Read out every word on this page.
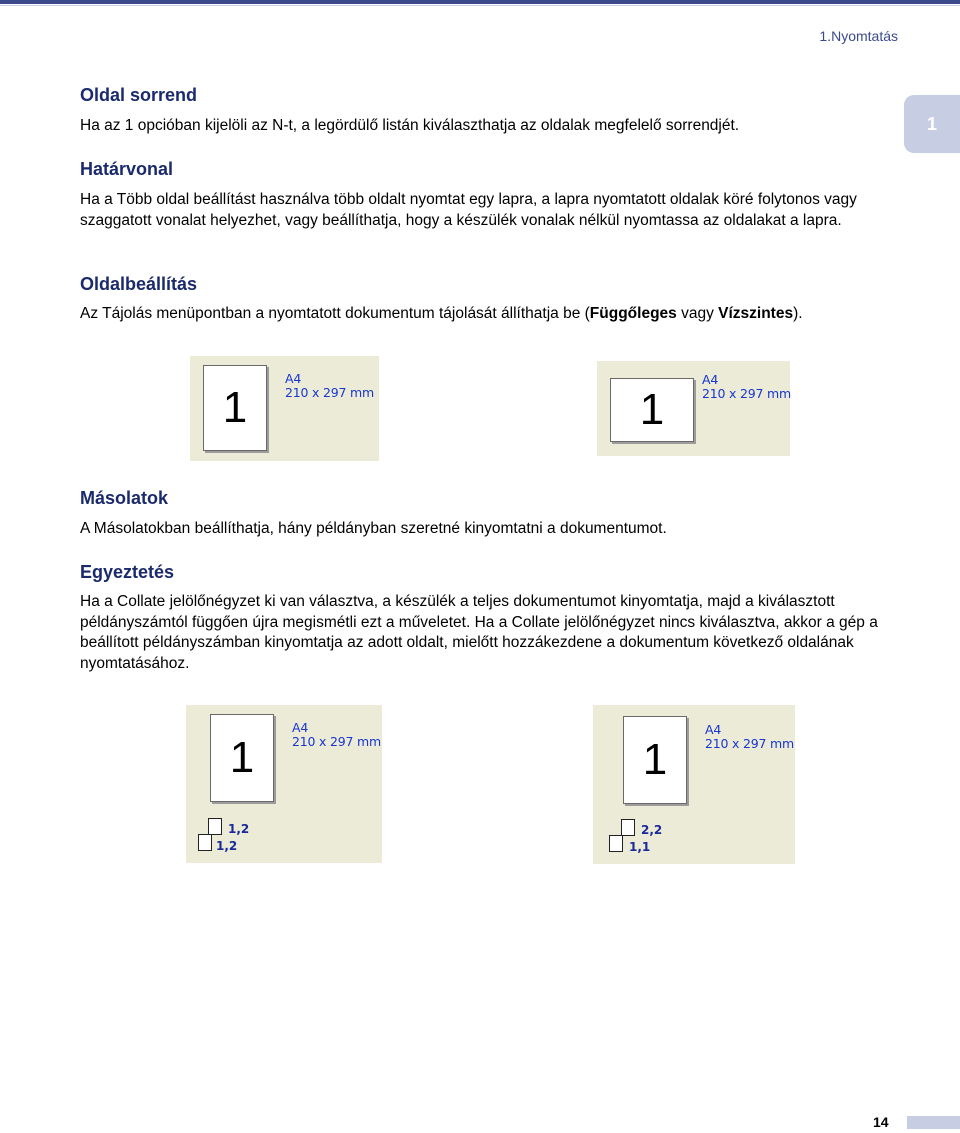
1.Nyomtatás
1
Oldal sorrend

Ha az 1 opcióban kijelöli az N-t, a legördülő listán kiválaszthatja az oldalak megfelelő sorrendjét.

Határvonal

Ha a Több oldal beállítást használva több oldalt nyomtat egy lapra, a lapra nyomtatott oldalak köré folytonos vagy szaggatott vonalat helyezhet, vagy beállíthatja, hogy a készülék vonalak nélkül nyomtassa az oldalakat a lapra.

Oldalbeállítás

Az Tájolás menüpontban a nyomtatott dokumentum tájolását állíthatja be (Függőleges vagy Vízszintes).

Másolatok

A Másolatokban beállíthatja, hány példányban szeretné kinyomtatni a dokumentumot.

Egyeztetés

Ha a Collate jelölőnégyzet ki van választva, a készülék a teljes dokumentumot kinyomtatja, majd a kiválasztott példányszámtól függően újra megismétli ezt a műveletet. Ha a Collate jelölőnégyzet nincs kiválasztva, akkor a gép a beállított példányszámban kinyomtatja az adott oldalt, mielőtt hozzákezdene a dokumentum következő oldalának nyomtatásához.

1
A4
210 x 297 mm	1
A4
210 x 297 mm
1
A4
210 x 297 mm
1,2
1,2
1
A4
210 x 297 mm
2,2
1,1
14
